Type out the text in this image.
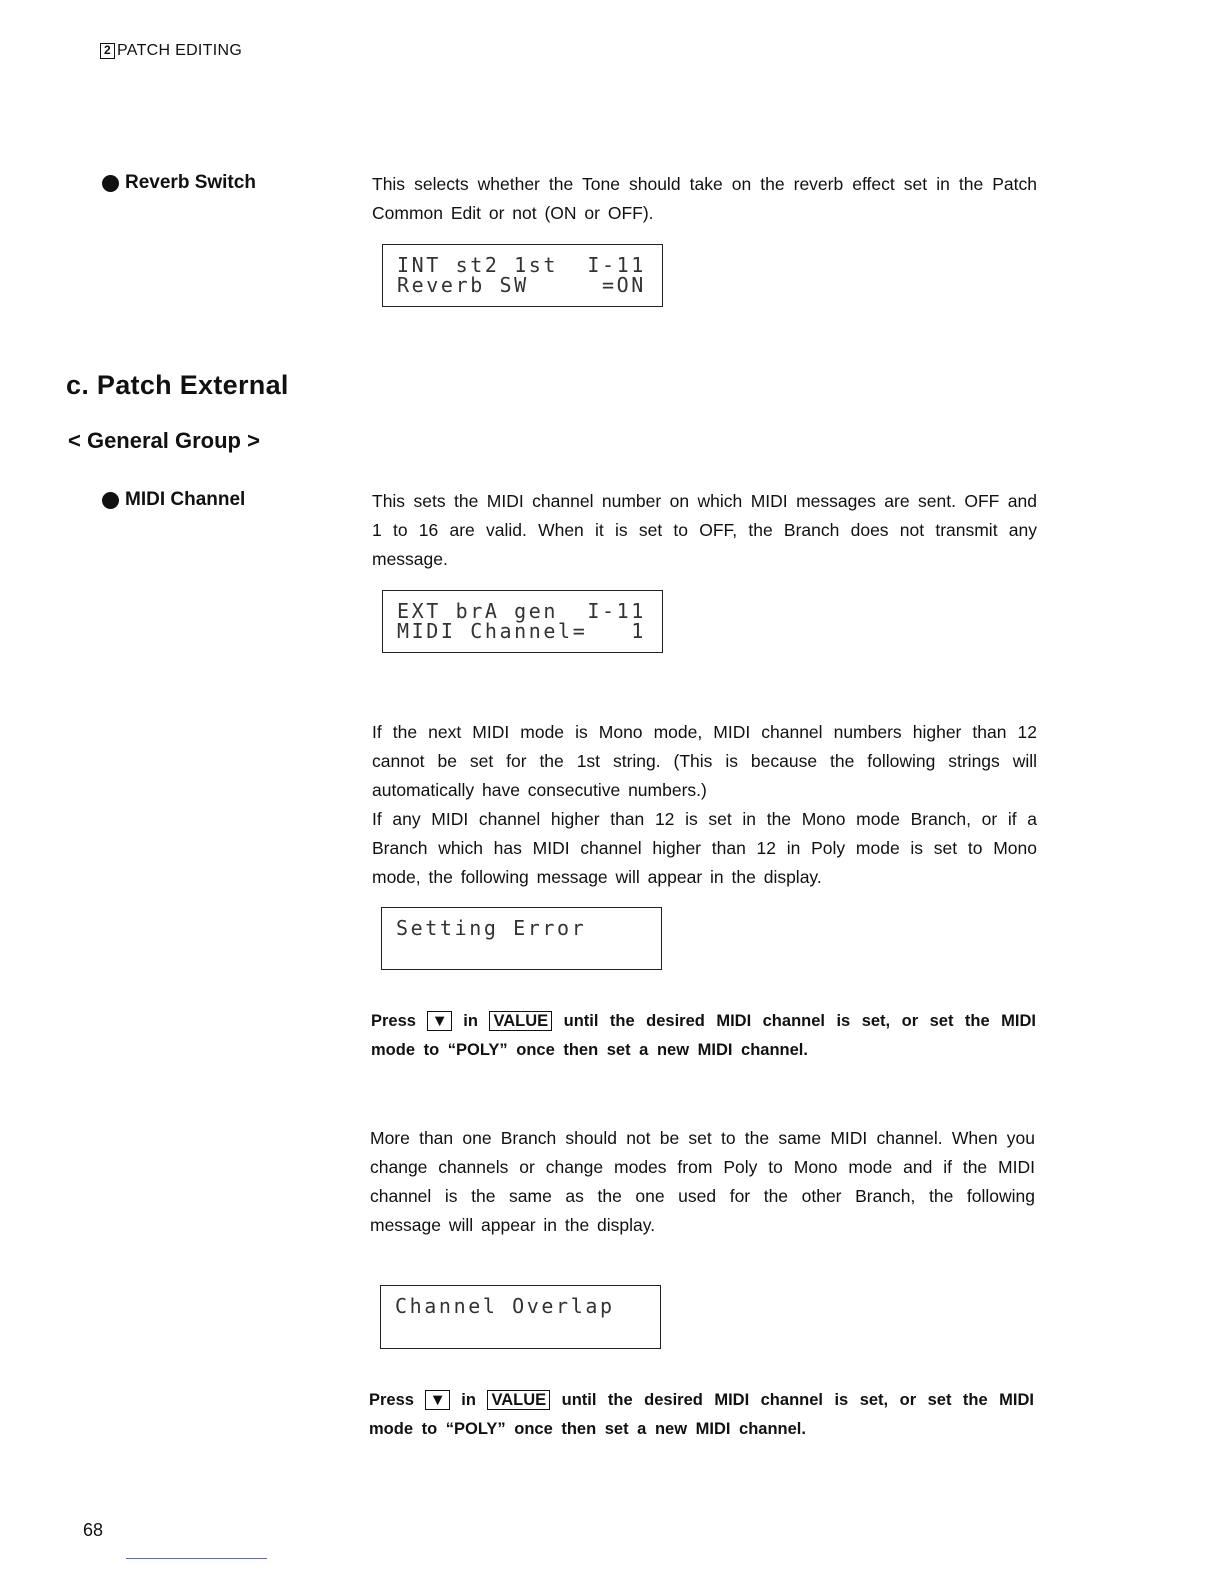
2 PATCH EDITING
Reverb Switch	This selects whether the Tone should take on the reverb effect set in the Patch Common Edit or not (ON or OFF).
INT st2 1st  I-11
Reverb SW     =ON
c. Patch External
< General Group >
MIDI Channel	This sets the MIDI channel number on which MIDI messages are sent. OFF and 1 to 16 are valid. When it is set to OFF, the Branch does not transmit any message.
EXT brA gen  I-11
MIDI Channel=   1
If the next MIDI mode is Mono mode, MIDI channel numbers higher than 12 cannot be set for the 1st string. (This is because the following strings will automatically have consecutive numbers.)
If any MIDI channel higher than 12 is set in the Mono mode Branch, or if a Branch which has MIDI channel higher than 12 in Poly mode is set to Mono mode, the following message will appear in the display.
Setting Error
Press ▼ in VALUE until the desired MIDI channel is set, or set the MIDI mode to “POLY” once then set a new MIDI channel.
More than one Branch should not be set to the same MIDI channel. When you change channels or change modes from Poly to Mono mode and if the MIDI channel is the same as the one used for the other Branch, the following message will appear in the display.
Channel Overlap
Press ▼ in VALUE until the desired MIDI channel is set, or set the MIDI mode to “POLY” once then set a new MIDI channel.
68
